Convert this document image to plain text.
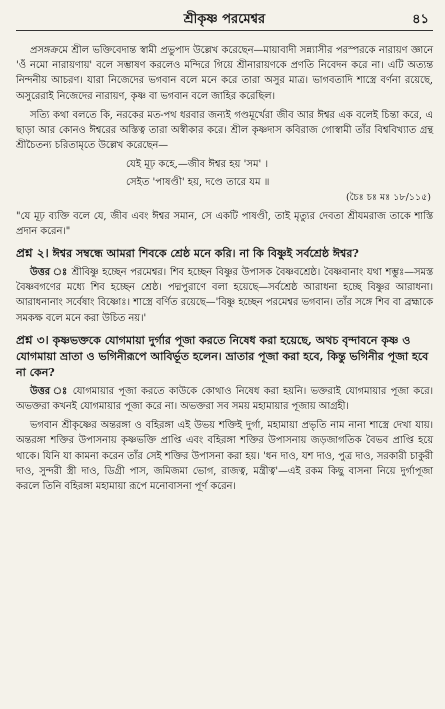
শ্রীকৃষ্ণ পরমেশ্বর	৪১

প্রসঙ্গক্রমে শ্রীল ভক্তিবেদান্ত স্বামী প্রভুপাদ উল্লেখ করেছেন—মায়াবাদী সন্ন্যাসীর পরস্পরকে নারায়ণ জ্ঞানে 'ওঁ নমো নারায়ণায়' বলে সম্ভাষণ করলেও মন্দিরে গিয়ে শ্রীনারায়ণকে প্রণতি নিবেদন করে না। এটি অত্যন্ত নিন্দনীয় আচরণ। যারা নিজেদের ভগবান বলে মনে করে তারা অসুর মাত্র। ভাগবতাদি শাস্ত্রে বর্ণনা রয়েছে, অসুরেরাই নিজেদের নারায়ণ, কৃষ্ণ বা ভগবান বলে জাহির করেছিল।

সত্যি কথা বলতে কি, নরকের মত-পথ ধরবার জন্যই গণ্ডমূর্খেরা জীব আর ঈশ্বর এক বলেই চিন্তা করে, এ ছাড়া আর কোনও ঈশ্বরের অস্তিত্ব তারা অস্বীকার করে। শ্রীল কৃষ্ণদাস কবিরাজ গোস্বামী তাঁর বিশ্ববিখ্যাত গ্রন্থ শ্রীচৈতন্য চরিতামৃতে উল্লেখ করেছেন—

যেই মূঢ় কহে,—জীব ঈশ্বর হয় 'সম' ।
সেইত 'পাষণ্ডী' হয়, দণ্ডে তারে যম ॥
(চৈঃ চঃ মঃ ১৮/১১৫)

"যে মূঢ় ব্যক্তি বলে যে, জীব এবং ঈশ্বর সমান, সে একটি পাষণ্ডী, তাই মৃত্যুর দেবতা শ্রীযমরাজ তাকে শাস্তি প্রদান করেন।"

প্রশ্ন ২। ঈশ্বর সম্বন্ধে আমরা শিবকে শ্রেষ্ঠ মনে করি। না কি বিষ্ণুই সর্বশ্রেষ্ঠ ঈশ্বর?

উত্তর ঃ শ্রীবিষ্ণু হচ্ছেন পরমেশ্বর। শিব হচ্ছেন বিষ্ণুর উপাসক বৈষ্ণবশ্রেষ্ঠ। বৈষ্ণবানাং যথা শম্ভুঃ—সমস্ত বৈষ্ণবগণের মধ্যে শিব হচ্ছেন শ্রেষ্ঠ। পদ্মপুরাণে বলা হয়েছে—সর্বশ্রেষ্ঠ আরাধনা হচ্ছে বিষ্ণুর আরাধনা। আরাধনানাং সর্বেষাং বিষ্ণোঃ। শাস্ত্রে বর্ণিত রয়েছে—'বিষ্ণু হচ্ছেন পরমেশ্বর ভগবান। তাঁর সঙ্গে শিব বা ব্রহ্মাকে সমকক্ষ বলে মনে করা উচিত নয়।'

প্রশ্ন ৩। কৃষ্ণভক্তকে যোগমায়া দুর্গার পূজা করতে নিষেধ করা হয়েছে, অথচ বৃন্দাবনে কৃষ্ণ ও যোগমায়া ভ্রাতা ও ভগিনীরূপে আবির্ভূত হলেন। ভ্রাতার পূজা করা হবে, কিন্তু ভগিনীর পূজা হবে না কেন?

উত্তর ঃ যোগমায়ার পূজা করতে কাউকে কোথাও নিষেধ করা হয়নি। ভক্তরাই যোগমায়ার পূজা করে। অভক্তরা কখনই যোগমায়ার পূজা করে না। অভক্তরা সব সময় মহামায়ার পূজায় আগ্রহী।

ভগবান শ্রীকৃষ্ণের অন্তরঙ্গা ও বহিরঙ্গা এই উভয় শক্তিই দুর্গা, মহামায়া প্রভৃতি নাম নানা শাস্ত্রে দেখা যায়। অন্তরঙ্গা শক্তির উপাসনায় কৃষ্ণভক্তি প্রাপ্তি এবং বহিরঙ্গা শক্তির উপাসনায় জড়জাগতিক বৈভব প্রাপ্তি হয়ে থাকে। যিনি যা কামনা করেন তাঁর সেই শক্তির উপাসনা করা হয়। 'ধন দাও, যশ দাও, পুত্র দাও, সরকারী চাকুরী দাও, সুন্দরী স্ত্রী দাও, ডিগ্রী পাস, জমিজমা ভোগ, রাজত্ব, মন্ত্রীত্ব'—এই রকম কিছু বাসনা নিয়ে দুর্গাপূজা করলে তিনি বহিরঙ্গা মহামায়া রূপে মনোবাসনা পূর্ণ করেন।
